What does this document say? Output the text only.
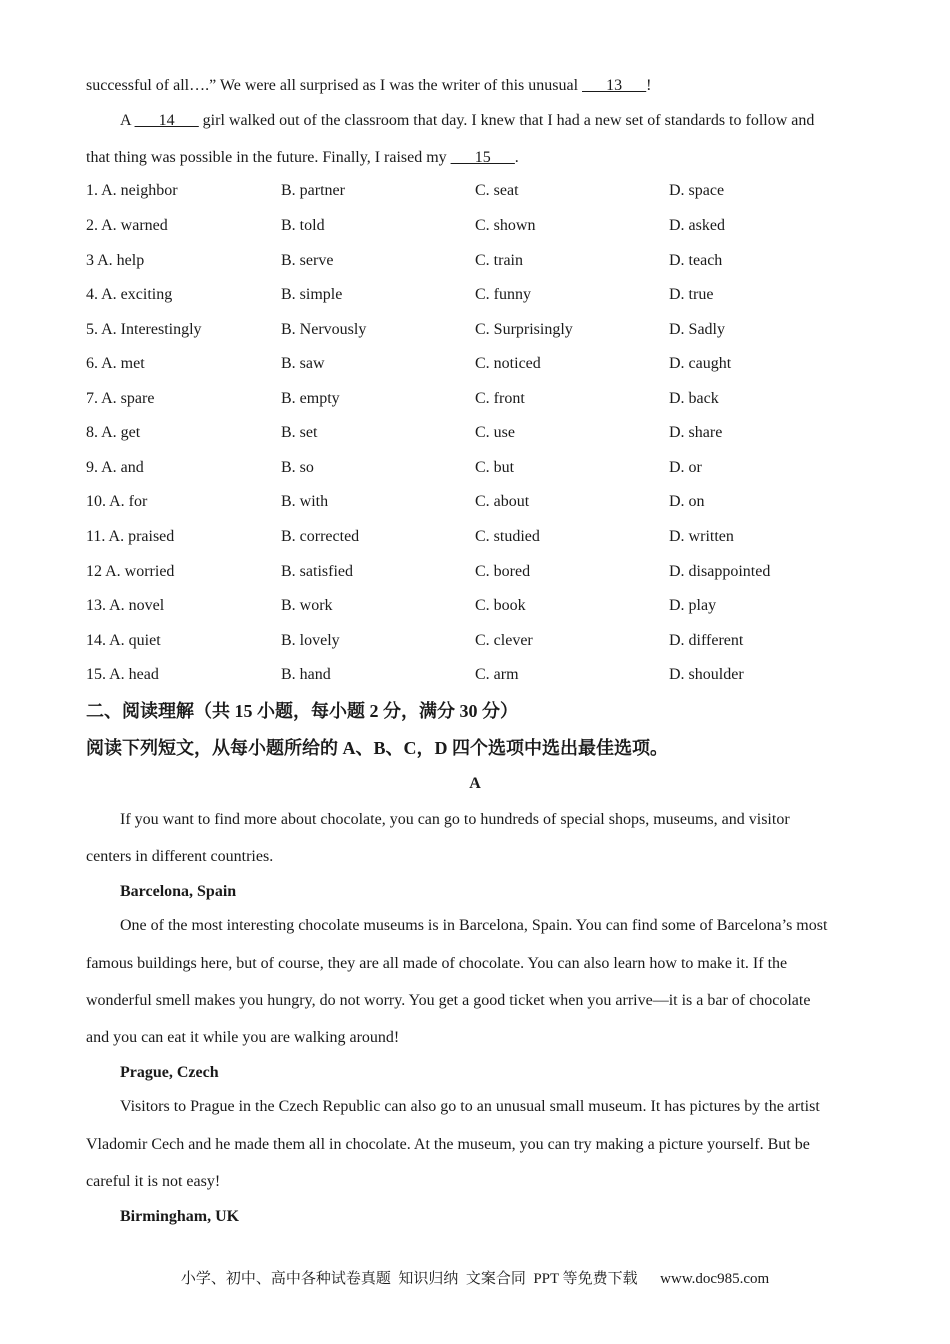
successful of all….” We were all surprised as I was the writer of this unusual ___13___!
A ___14___ girl walked out of the classroom that day. I knew that I had a new set of standards to follow and
that thing was possible in the future. Finally, I raised my ___15___.
1. A. neighbor	B. partner	C. seat	D. space
2. A. warned	B. told	C. shown	D. asked
3 A. help	B. serve	C. train	D. teach
4. A. exciting	B. simple	C. funny	D. true
5. A. Interestingly	B. Nervously	C. Surprisingly	D. Sadly
6. A. met	B. saw	C. noticed	D. caught
7. A. spare	B. empty	C. front	D. back
8. A. get	B. set	C. use	D. share
9. A. and	B. so	C. but	D. or
10. A. for	B. with	C. about	D. on
11. A. praised	B. corrected	C. studied	D. written
12 A. worried	B. satisfied	C. bored	D. disappointed
13. A. novel	B. work	C. book	D. play
14. A. quiet	B. lovely	C. clever	D. different
15. A. head	B. hand	C. arm	D. shoulder
二、阅读理解（共 15 小题，每小题 2 分，满分 30 分）
阅读下列短文，从每小题所给的 A、B、C，D 四个选项中选出最佳选项。
A
If you want to find more about chocolate, you can go to hundreds of special shops, museums, and visitor
centers in different countries.
Barcelona, Spain
One of the most interesting chocolate museums is in Barcelona, Spain. You can find some of Barcelona’s most
famous buildings here, but of course, they are all made of chocolate. You can also learn how to make it. If the
wonderful smell makes you hungry, do not worry. You get a good ticket when you arrive—it is a bar of chocolate
and you can eat it while you are walking around!
Prague, Czech
Visitors to Prague in the Czech Republic can also go to an unusual small museum. It has pictures by the artist
Vladomir Cech and he made them all in chocolate. At the museum, you can try making a picture yourself. But be
careful it is not easy!
Birmingham, UK
小学、初中、高中各种试卷真题  知识归纳  文案合同  PPT 等免费下载      www.doc985.com
